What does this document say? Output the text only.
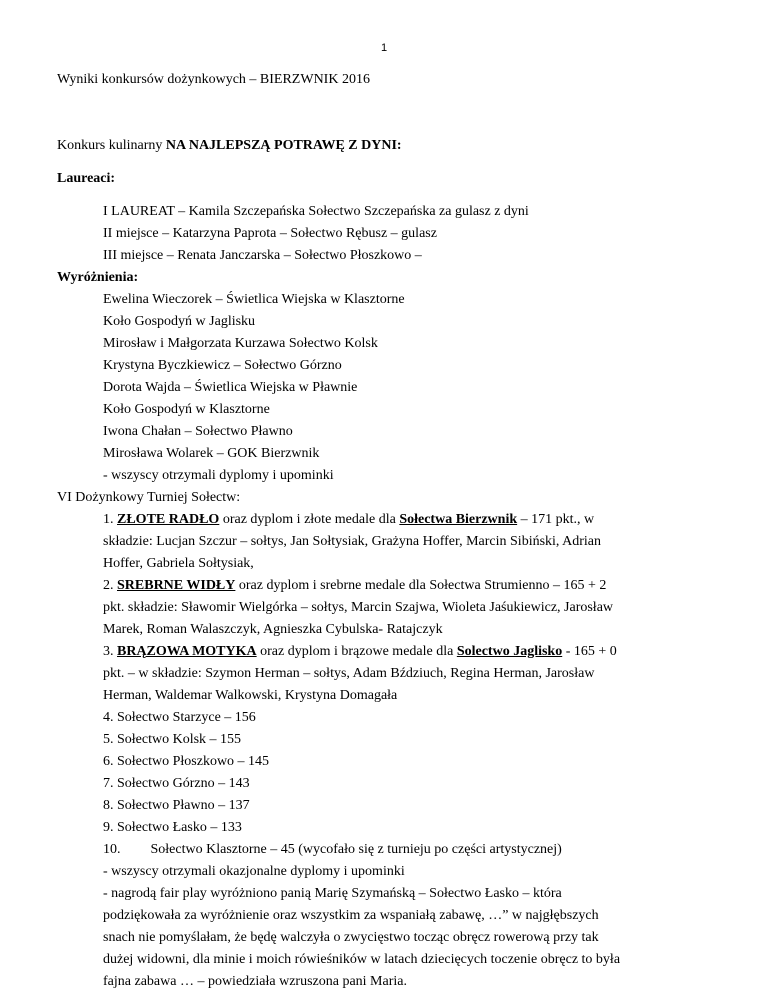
1
Wyniki konkursów dożynkowych – BIERZWNIK 2016
Konkurs kulinarny NA NAJLEPSZĄ POTRAWĘ Z DYNI:
Laureaci:
I LAUREAT – Kamila Szczepańska Sołectwo Szczepańska za gulasz z dyni
II miejsce – Katarzyna Paprota – Sołectwo Rębusz – gulasz
III miejsce – Renata Janczarska – Sołectwo Płoszkowo –
Wyróżnienia:
Ewelina Wieczorek – Świetlica Wiejska w Klasztorne
Koło Gospodyń w Jaglisku
Mirosław i Małgorzata Kurzawa Sołectwo Kolsk
Krystyna Byczkiewicz – Sołectwo Górzno
Dorota Wajda – Świetlica Wiejska w Pławnie
Koło Gospodyń w Klasztorne
Iwona Chałan – Sołectwo Pławno
Mirosława Wolarek – GOK Bierzwnik
- wszyscy otrzymali dyplomy i upominki
VI Dożynkowy Turniej Sołectw:
1. ZŁOTE RADŁO oraz dyplom i złote medale dla Sołectwa Bierzwnik – 171 pkt., w
składzie: Lucjan Szczur – sołtys, Jan Sołtysiak, Grażyna Hoffer, Marcin Sibiński, Adrian
Hoffer, Gabriela Sołtysiak,
2. SREBRNE WIDŁY oraz dyplom i srebrne medale dla Sołectwa Strumienno – 165 + 2
pkt. składzie: Sławomir Wielgórka – sołtys, Marcin Szajwa, Wioleta Jaśukiewicz, Jarosław
Marek, Roman Walaszczyk, Agnieszka Cybulska- Ratajczyk
3. BRĄZOWA MOTYKA oraz dyplom i brązowe medale dla Solectwo Jaglisko - 165 + 0
pkt. – w składzie: Szymon Herman – sołtys, Adam Bździuch, Regina Herman, Jarosław
Herman, Waldemar Walkowski, Krystyna Domagała
4. Sołectwo Starzyce – 156
5. Sołectwo Kolsk – 155
6. Sołectwo Płoszkowo – 145
7. Sołectwo Górzno – 143
8. Sołectwo Pławno – 137
9. Sołectwo Łasko – 133
10. Sołectwo Klasztorne – 45 (wycofało się z turnieju po części artystycznej)
- wszyscy otrzymali okazjonalne dyplomy i upominki
- nagrodą fair play wyróżniono panią Marię Szymańską – Sołectwo Łasko – która
podziękowała za wyróżnienie oraz wszystkim za wspaniałą zabawę, …” w najgłębszych
snach nie pomyślałam, że będę walczyła o zwycięstwo tocząc obręcz rowerową przy tak
dużej widowni, dla minie i moich rówieśników w latach dziecięcych toczenie obręcz to była
fajna zabawa … – powiedziała wzruszona pani Maria.
